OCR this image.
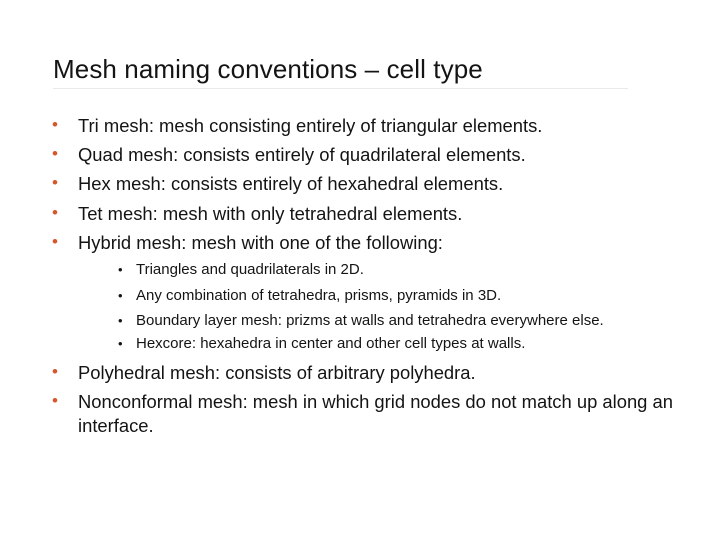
Mesh naming conventions – cell type
• Tri mesh: mesh consisting entirely of triangular elements.
• Quad mesh: consists entirely of quadrilateral elements.
• Hex mesh: consists entirely of hexahedral elements.
• Tet mesh: mesh with only tetrahedral elements.
• Hybrid mesh: mesh with one of the following:
• Triangles and quadrilaterals in 2D.
• Any combination of tetrahedra, prisms, pyramids in 3D.
• Boundary layer mesh: prizms at walls and tetrahedra everywhere else.
• Hexcore: hexahedra in center and other cell types at walls.
• Polyhedral mesh: consists of arbitrary polyhedra.
• Nonconformal mesh: mesh in which grid nodes do not match up along an interface.
